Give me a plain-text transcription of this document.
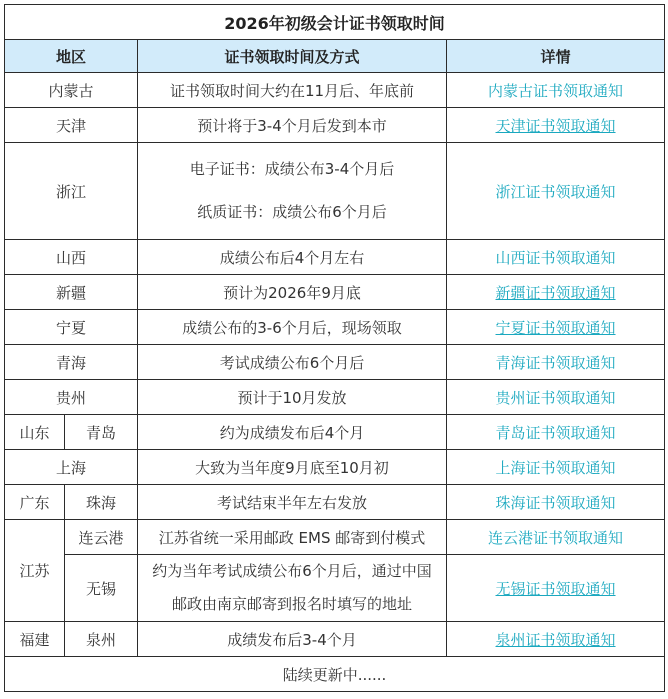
2026年初级会计证书领取时间			
地区		证书领取时间及方式	详情
内蒙古		证书领取时间大约在11月后、年底前	内蒙古证书领取通知
天津		预计将于3-4个月后发到本市	天津证书领取通知
浙江		电子证书：成绩公布3-4个月后
纸质证书：成绩公布6个月后	浙江证书领取通知
山西		成绩公布后4个月左右	山西证书领取通知
新疆		预计为2026年9月底	新疆证书领取通知
宁夏		成绩公布的3-6个月后，现场领取	宁夏证书领取通知
青海		考试成绩公布6个月后	青海证书领取通知
贵州		预计于10月发放	贵州证书领取通知
山东	青岛	约为成绩发布后4个月	青岛证书领取通知
上海		大致为当年度9月底至10月初	上海证书领取通知
广东	珠海	考试结束半年左右发放	珠海证书领取通知
江苏	连云港	江苏省统一采用邮政 EMS 邮寄到付模式	连云港证书领取通知
	无锡	约为当年考试成绩公布6个月后，通过中国
邮政由南京邮寄到报名时填写的地址	无锡证书领取通知
福建	泉州	成绩发布后3-4个月	泉州证书领取通知
陆续更新中......			
